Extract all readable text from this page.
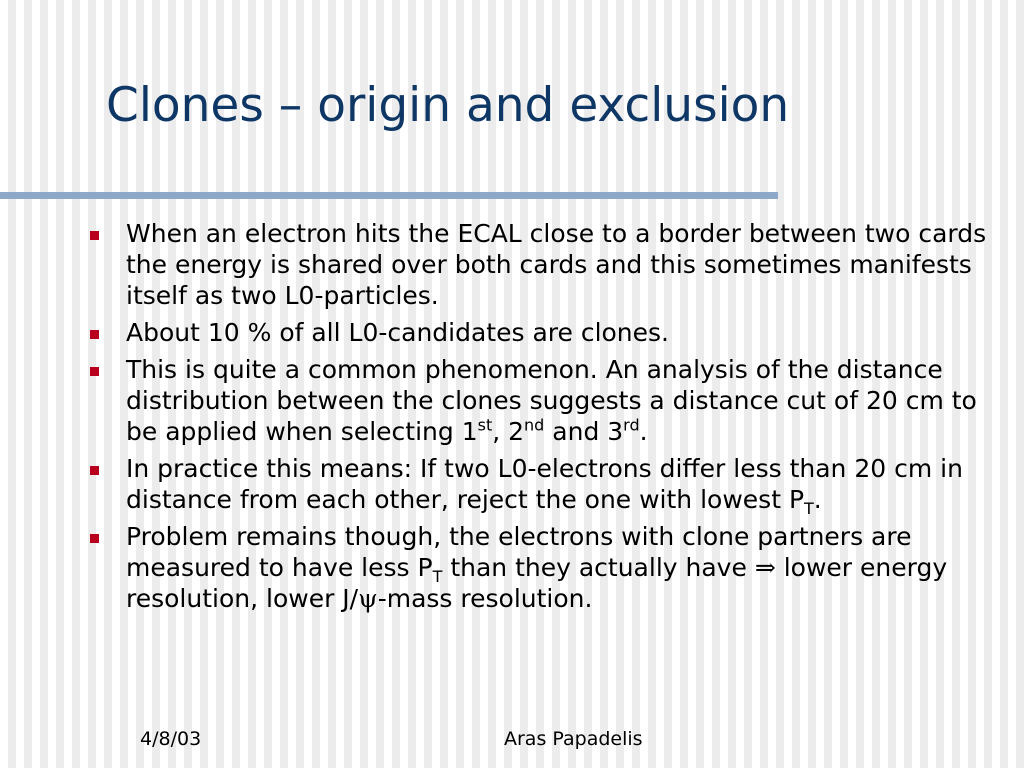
Clones – origin and exclusion
When an electron hits the ECAL close to a border between two cards the energy is shared over both cards and this sometimes manifests itself as two L0-particles.
About 10 % of all L0-candidates are clones.
This is quite a common phenomenon. An analysis of the distance distribution between the clones suggests a distance cut of 20 cm to be applied when selecting 1st, 2nd and 3rd.
In practice this means: If two L0-electrons differ less than 20 cm in distance from each other, reject the one with lowest $P_T$.
Problem remains though, the electrons with clone partners are measured to have less $P_T$ than they actually have ⇒ lower energy resolution, lower J/ψ-mass resolution.
4/8/03	Aras Papadelis
